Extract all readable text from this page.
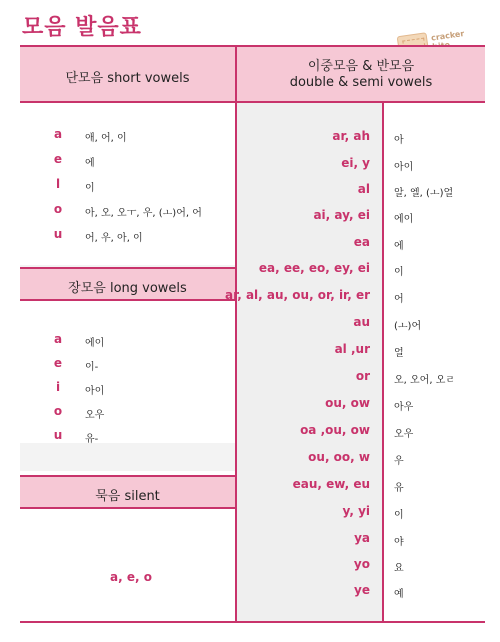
모음 발음표	cracker
단모음 short vowels
이중모음 & 반모음
double & semi vowels
장모음 long vowels
묵음 silent
a	애, 어, 이
e	에
l	이
o	아, 오, 오ㅜ, 우, (ㅗ)어, 어
u	어, 우, 아, 이
a	에이
e	이-
i	아이
o	오우
u	유-
a, e, o
ar, ah 아
ei, y 아이
al 알, 엘, (ㅗ)얼
ai, ay, ei 에이
ea 에
ea, ee, eo, ey, ei 이
ar, al, au, ou, or, ir, er 어
au (ㅗ)어
al ,ur 얼
or 오, 오어, 오ㄹ
ou, ow 아우
oa ,ou, ow 오우
ou, oo, w 우
eau, ew, eu 유
y, yi 이
ya 야
yo 요
ye 예
